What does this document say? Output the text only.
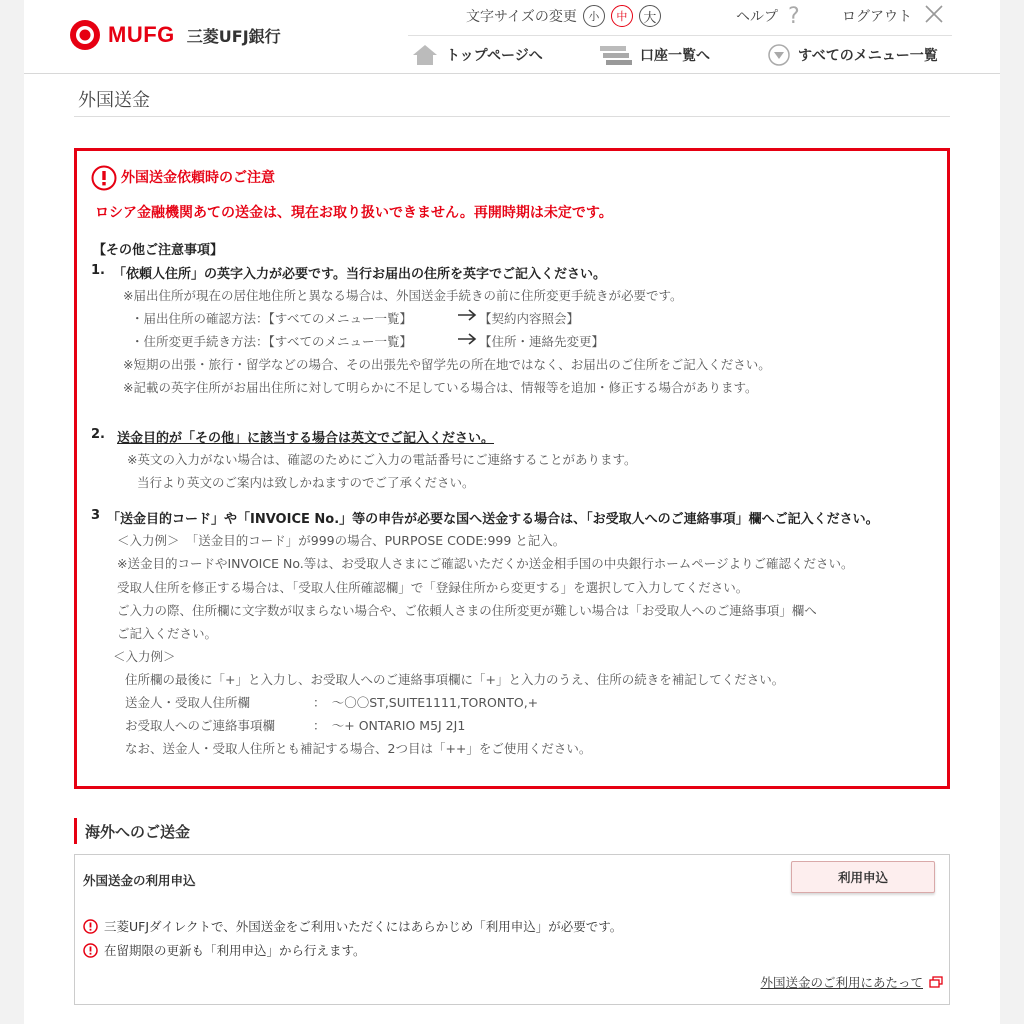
MUFG 三菱UFJ銀行
文字サイズの変更	小	中	大	ヘルプ ?	ログアウト
トップページへ	口座一覧へ	すべてのメニュー一覧
外国送金
外国送金依頼時のご注意
ロシア金融機関あての送金は、現在お取り扱いできません。再開時期は未定です。
【その他ご注意事項】
1. 「依頼人住所」の英字入力が必要です。当行お届出の住所を英字でご記入ください。
※届出住所が現在の居住地住所と異なる場合は、外国送金手続きの前に住所変更手続きが必要です。
・届出住所の確認方法：【すべてのメニュー一覧】	【契約内容照会】
・住所変更手続き方法：【すべてのメニュー一覧】	【住所・連絡先変更】
※短期の出張・旅行・留学などの場合、その出張先や留学先の所在地ではなく、お届出のご住所をご記入ください。
※記載の英字住所がお届出住所に対して明らかに不足している場合は、情報等を追加・修正する場合があります。
2. 送金目的が「その他」に該当する場合は英文でご記入ください。
※英文の入力がない場合は、確認のためにご入力の電話番号にご連絡することがあります。
当行より英文のご案内は致しかねますのでご了承ください。
3 「送金目的コード」や「INVOICE No.」等の申告が必要な国へ送金する場合は、「お受取人へのご連絡事項」欄へご記入ください。
＜入力例＞　「送金目的コード」が999の場合、PURPOSE CODE:999 と記入。
※送金目的コードやINVOICE No.等は、お受取人さまにご確認いただくか送金相手国の中央銀行ホームページよりご確認ください。
受取人住所を修正する場合は、「受取人住所確認欄」で「登録住所から変更する」を選択して入力してください。
ご入力の際、住所欄に文字数が収まらない場合や、ご依頼人さまの住所変更が難しい場合は「お受取人へのご連絡事項」欄へ
ご記入ください。
＜入力例＞
住所欄の最後に「+」と入力し、お受取人へのご連絡事項欄に「+」と入力のうえ、住所の続きを補記してください。
送金人・受取人住所欄	：　～〇〇ST,SUITE1111,TORONTO,+
お受取人へのご連絡事項欄	：　～+ ONTARIO M5J 2J1
なお、送金人・受取人住所とも補記する場合、2つ目は「++」をご使用ください。
海外へのご送金
外国送金の利用申込	利用申込
三菱UFJダイレクトで、外国送金をご利用いただくにはあらかじめ「利用申込」が必要です。
在留期限の更新も「利用申込」から行えます。
外国送金のご利用にあたって
